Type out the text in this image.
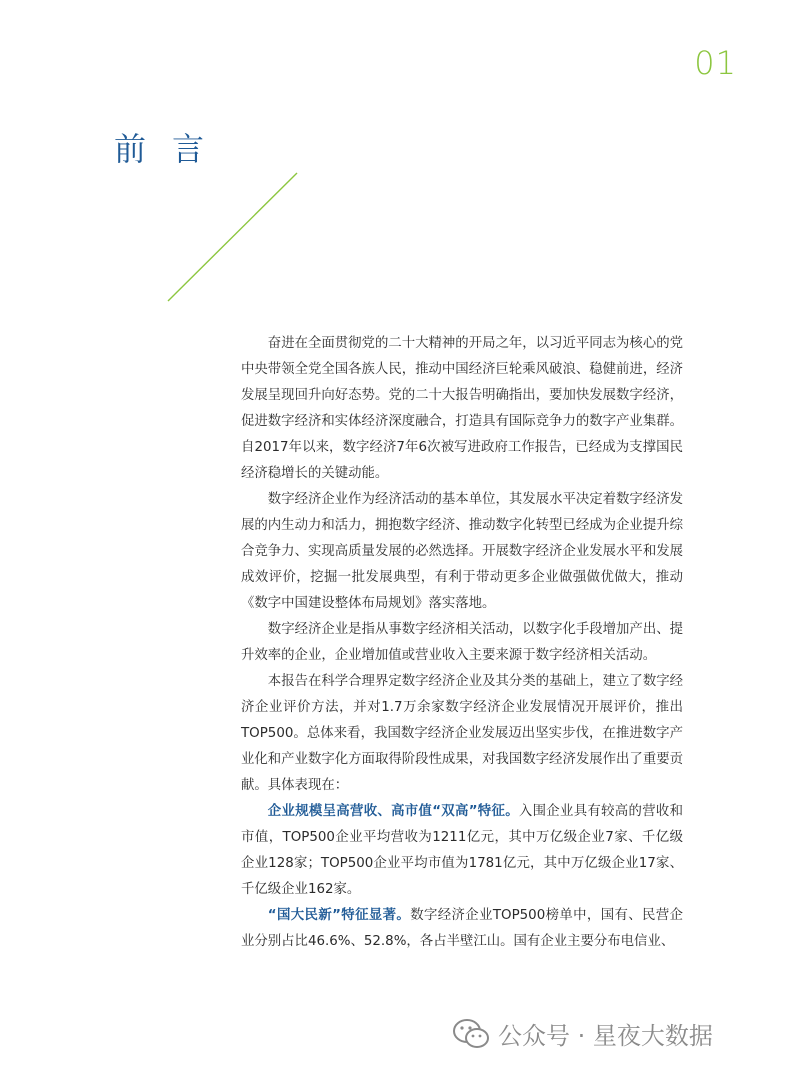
01
前言

奋进在全面贯彻党的二十大精神的开局之年，以习近平同志为核心的党中央带领全党全国各族人民，推动中国经济巨轮乘风破浪、稳健前进，经济发展呈现回升向好态势。党的二十大报告明确指出，要加快发展数字经济，促进数字经济和实体经济深度融合，打造具有国际竞争力的数字产业集群。自2017年以来，数字经济7年6次被写进政府工作报告，已经成为支撑国民经济稳增长的关键动能。

数字经济企业作为经济活动的基本单位，其发展水平决定着数字经济发展的内生动力和活力，拥抱数字经济、推动数字化转型已经成为企业提升综合竞争力、实现高质量发展的必然选择。开展数字经济企业发展水平和发展成效评价，挖掘一批发展典型，有利于带动更多企业做强做优做大，推动《数字中国建设整体布局规划》落实落地。

数字经济企业是指从事数字经济相关活动，以数字化手段增加产出、提升效率的企业，企业增加值或营业收入主要来源于数字经济相关活动。

本报告在科学合理界定数字经济企业及其分类的基础上，建立了数字经济企业评价方法，并对1.7万余家数字经济企业发展情况开展评价，推出TOP500。总体来看，我国数字经济企业发展迈出坚实步伐，在推进数字产业化和产业数字化方面取得阶段性成果，对我国数字经济发展作出了重要贡献。具体表现在：

企业规模呈高营收、高市值“双高”特征。入围企业具有较高的营收和市值，TOP500企业平均营收为1211亿元，其中万亿级企业7家、千亿级企业128家；TOP500企业平均市值为1781亿元，其中万亿级企业17家、千亿级企业162家。

“国大民新”特征显著。数字经济企业TOP500榜单中，国有、民营企业分别占比46.6%、52.8%，各占半壁江山。国有企业主要分布电信业、

公众号 · 星夜大数据
